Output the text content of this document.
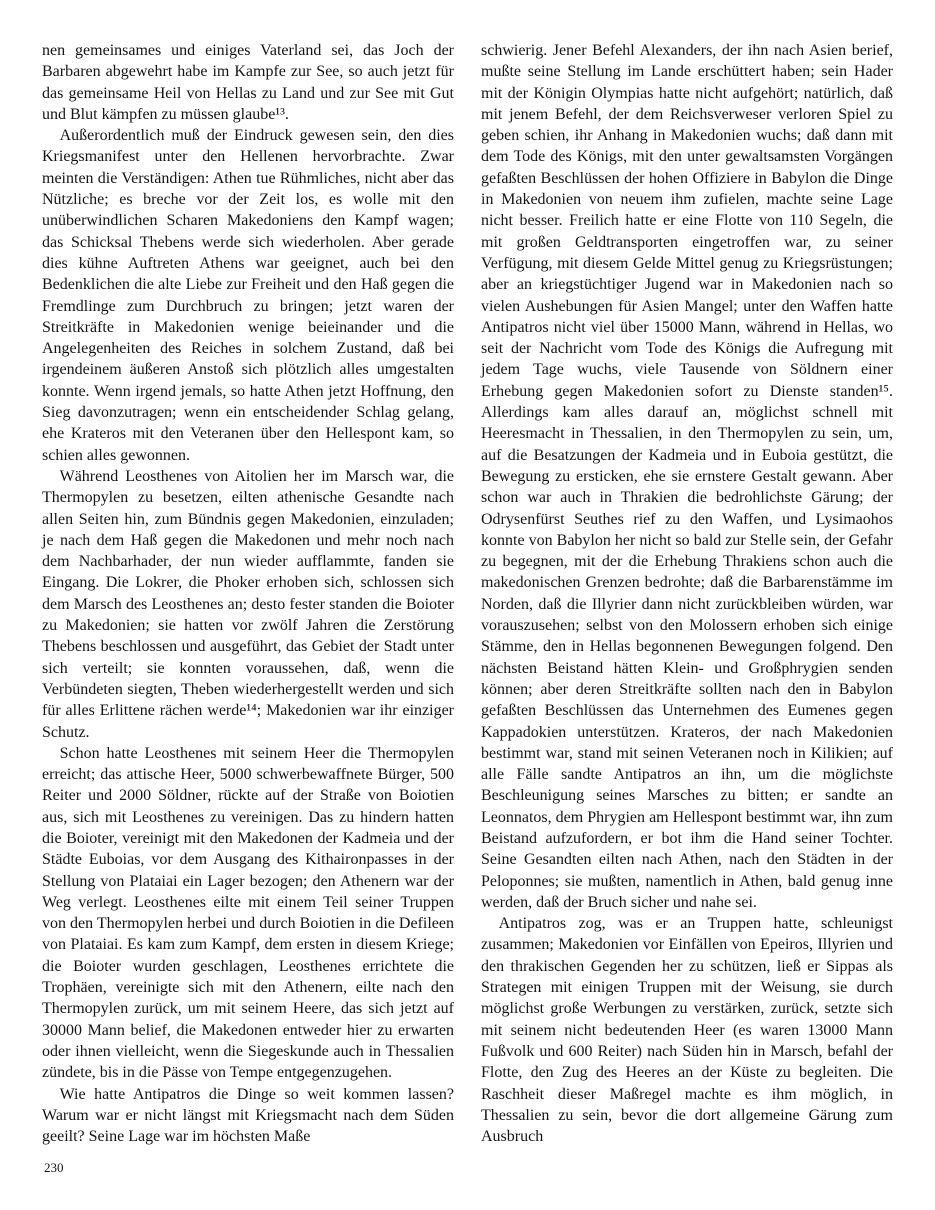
nen gemeinsames und einiges Vaterland sei, das Joch der Barbaren abgewehrt habe im Kampfe zur See, so auch jetzt für das gemeinsame Heil von Hellas zu Land und zur See mit Gut und Blut kämpfen zu müssen glaube¹³.

Außerordentlich muß der Eindruck gewesen sein, den dies Kriegsmanifest unter den Hellenen hervorbrachte. Zwar meinten die Verständigen: Athen tue Rühmliches, nicht aber das Nützliche; es breche vor der Zeit los, es wolle mit den unüberwindlichen Scharen Makedoniens den Kampf wagen; das Schicksal Thebens werde sich wiederholen. Aber gerade dies kühne Auftreten Athens war geeignet, auch bei den Bedenklichen die alte Liebe zur Freiheit und den Haß gegen die Fremdlinge zum Durchbruch zu bringen; jetzt waren der Streitkräfte in Makedonien wenige beieinander und die Angelegenheiten des Reiches in solchem Zustand, daß bei irgendeinem äußeren Anstoß sich plötzlich alles umgestalten konnte. Wenn irgend jemals, so hatte Athen jetzt Hoffnung, den Sieg davonzutragen; wenn ein entscheidender Schlag gelang, ehe Krateros mit den Veteranen über den Hellespont kam, so schien alles gewonnen.

Während Leosthenes von Aitolien her im Marsch war, die Thermopylen zu besetzen, eilten athenische Gesandte nach allen Seiten hin, zum Bündnis gegen Makedonien, einzuladen; je nach dem Haß gegen die Makedonen und mehr noch nach dem Nachbarhader, der nun wieder aufflammte, fanden sie Eingang. Die Lokrer, die Phoker erhoben sich, schlossen sich dem Marsch des Leosthenes an; desto fester standen die Boioter zu Makedonien; sie hatten vor zwölf Jahren die Zerstörung Thebens beschlossen und ausgeführt, das Gebiet der Stadt unter sich verteilt; sie konnten voraussehen, daß, wenn die Verbündeten siegten, Theben wiederhergestellt werden und sich für alles Erlittene rächen werde¹⁴; Makedonien war ihr einziger Schutz.

Schon hatte Leosthenes mit seinem Heer die Thermopylen erreicht; das attische Heer, 5000 schwerbewaffnete Bürger, 500 Reiter und 2000 Söldner, rückte auf der Straße von Boiotien aus, sich mit Leosthenes zu vereinigen. Das zu hindern hatten die Boioter, vereinigt mit den Makedonen der Kadmeia und der Städte Euboias, vor dem Ausgang des Kithaironpasses in der Stellung von Plataiai ein Lager bezogen; den Athenern war der Weg verlegt. Leosthenes eilte mit einem Teil seiner Truppen von den Thermopylen herbei und durch Boiotien in die Defileen von Plataiai. Es kam zum Kampf, dem ersten in diesem Kriege; die Boioter wurden geschlagen, Leosthenes errichtete die Trophäen, vereinigte sich mit den Athenern, eilte nach den Thermopylen zurück, um mit seinem Heere, das sich jetzt auf 30000 Mann belief, die Makedonen entweder hier zu erwarten oder ihnen vielleicht, wenn die Siegeskunde auch in Thessalien zündete, bis in die Pässe von Tempe entgegenzugehen.

Wie hatte Antipatros die Dinge so weit kommen lassen? Warum war er nicht längst mit Kriegsmacht nach dem Süden geeilt? Seine Lage war im höchsten Maße

schwierig. Jener Befehl Alexanders, der ihn nach Asien berief, mußte seine Stellung im Lande erschüttert haben; sein Hader mit der Königin Olympias hatte nicht aufgehört; natürlich, daß mit jenem Befehl, der dem Reichsverweser verloren Spiel zu geben schien, ihr Anhang in Makedonien wuchs; daß dann mit dem Tode des Königs, mit den unter gewaltsamsten Vorgängen gefaßten Beschlüssen der hohen Offiziere in Babylon die Dinge in Makedonien von neuem ihm zufielen, machte seine Lage nicht besser. Freilich hatte er eine Flotte von 110 Segeln, die mit großen Geldtransporten eingetroffen war, zu seiner Verfügung, mit diesem Gelde Mittel genug zu Kriegsrüstungen; aber an kriegstüchtiger Jugend war in Makedonien nach so vielen Aushebungen für Asien Mangel; unter den Waffen hatte Antipatros nicht viel über 15000 Mann, während in Hellas, wo seit der Nachricht vom Tode des Königs die Aufregung mit jedem Tage wuchs, viele Tausende von Söldnern einer Erhebung gegen Makedonien sofort zu Dienste standen¹⁵. Allerdings kam alles darauf an, möglichst schnell mit Heeresmacht in Thessalien, in den Thermopylen zu sein, um, auf die Besatzungen der Kadmeia und in Euboia gestützt, die Bewegung zu ersticken, ehe sie ernstere Gestalt gewann. Aber schon war auch in Thrakien die bedrohlichste Gärung; der Odrysenfürst Seuthes rief zu den Waffen, und Lysimaohos konnte von Babylon her nicht so bald zur Stelle sein, der Gefahr zu begegnen, mit der die Erhebung Thrakiens schon auch die makedonischen Grenzen bedrohte; daß die Barbarenstämme im Norden, daß die Illyrier dann nicht zurückbleiben würden, war vorauszusehen; selbst von den Molossern erhoben sich einige Stämme, den in Hellas begonnenen Bewegungen folgend. Den nächsten Beistand hätten Klein- und Großphrygien senden können; aber deren Streitkräfte sollten nach den in Babylon gefaßten Beschlüssen das Unternehmen des Eumenes gegen Kappadokien unterstützen. Krateros, der nach Makedonien bestimmt war, stand mit seinen Veteranen noch in Kilikien; auf alle Fälle sandte Antipatros an ihn, um die möglichste Beschleunigung seines Marsches zu bitten; er sandte an Leonnatos, dem Phrygien am Hellespont bestimmt war, ihn zum Beistand aufzufordern, er bot ihm die Hand seiner Tochter. Seine Gesandten eilten nach Athen, nach den Städten in der Peloponnes; sie mußten, namentlich in Athen, bald genug inne werden, daß der Bruch sicher und nahe sei.

Antipatros zog, was er an Truppen hatte, schleunigst zusammen; Makedonien vor Einfällen von Epeiros, Illyrien und den thrakischen Gegenden her zu schützen, ließ er Sippas als Strategen mit einigen Truppen mit der Weisung, sie durch möglichst große Werbungen zu verstärken, zurück, setzte sich mit seinem nicht bedeutenden Heer (es waren 13000 Mann Fußvolk und 600 Reiter) nach Süden hin in Marsch, befahl der Flotte, den Zug des Heeres an der Küste zu begleiten. Die Raschheit dieser Maßregel machte es ihm möglich, in Thessalien zu sein, bevor die dort allgemeine Gärung zum Ausbruch

230
